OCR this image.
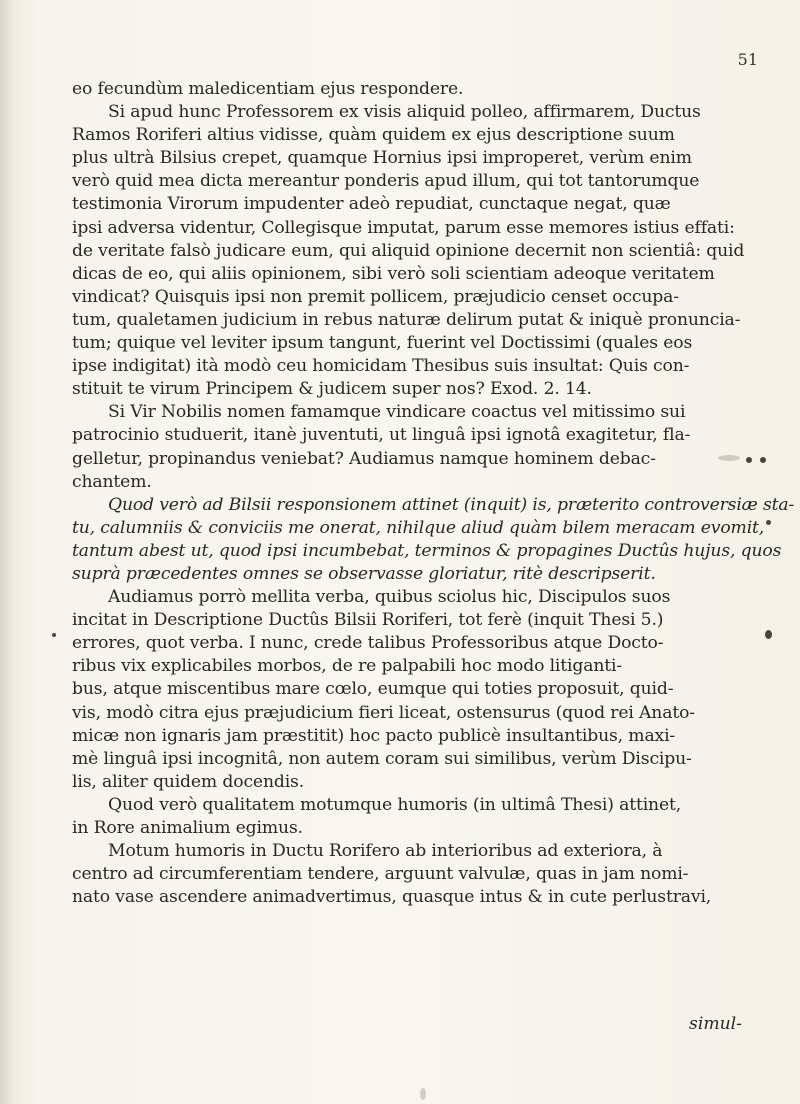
51
eo fecundùm maledicentiam ejus respondere.
Si apud hunc Professorem ex visis aliquid polleo, affirmarem, Ductus
Ramos Roriferi altius vidisse, quàm quidem ex ejus descriptione suum
plus ultrà Bilsius crepet, quamque Hornius ipsi improperet, verùm enim
verò quid mea dicta mereantur ponderis apud illum, qui tot tantorumque
testimonia Virorum impudenter adeò repudiat, cunctaque negat, quæ
ipsi adversa videntur, Collegisque imputat, parum esse memores istius effati:
de veritate falsò judicare eum, qui aliquid opinione decernit non scientiâ: quid
dicas de eo, qui aliis opinionem, sibi verò soli scientiam adeoque veritatem
vindicat? Quisquis ipsi non premit pollicem, præjudicio censet occupa-
tum, qualetamen judicium in rebus naturæ delirum putat & iniquè pronuncia-
tum; quique vel leviter ipsum tangunt, fuerint vel Doctissimi (quales eos
ipse indigitat) ità modò ceu homicidam Thesibus suis insultat: Quis con-
stituit te virum Principem & judicem super nos? Exod. 2. 14.
Si Vir Nobilis nomen famamque vindicare coactus vel mitissimo sui
patrocinio studuerit, itanè juventuti, ut linguâ ipsi ignotâ exagitetur, fla-
gelletur, propinandus veniebat? Audiamus namque hominem debac-
chantem.
Quod verò ad Bilsii responsionem attinet (inquit) is, præterito controversiæ sta-
tu, calumniis & conviciis me onerat, nihilque aliud quàm bilem meracam evomit,
tantum abest ut, quod ipsi incumbebat, terminos & propagines Ductûs hujus, quos
suprà præcedentes omnes se observasse gloriatur, ritè descripserit.
Audiamus porrò mellita verba, quibus sciolus hic, Discipulos suos
incitat in Descriptione Ductûs Bilsii Roriferi, tot ferè (inquit Thesi 5.)
errores, quot verba. I nunc, crede talibus Professoribus atque Docto-
ribus vix explicabiles morbos, de re palpabili hoc modo litiganti-
bus, atque miscentibus mare cœlo, eumque qui toties proposuit, quid-
vis, modò citra ejus præjudicium fieri liceat, ostensurus (quod rei Anato-
micæ non ignaris jam præstitit) hoc pacto publicè insultantibus, maxi-
mè linguâ ipsi incognitâ, non autem coram sui similibus, verùm Discipu-
lis, aliter quidem docendis.
Quod verò qualitatem motumque humoris (in ultimâ Thesi) attinet,
in Rore animalium egimus.
Motum humoris in Ductu Rorifero ab interioribus ad exteriora, à
centro ad circumferentiam tendere, arguunt valvulæ, quas in jam nomi-
nato vase ascendere animadvertimus, quasque intus & in cute perlustravi,
simul-
